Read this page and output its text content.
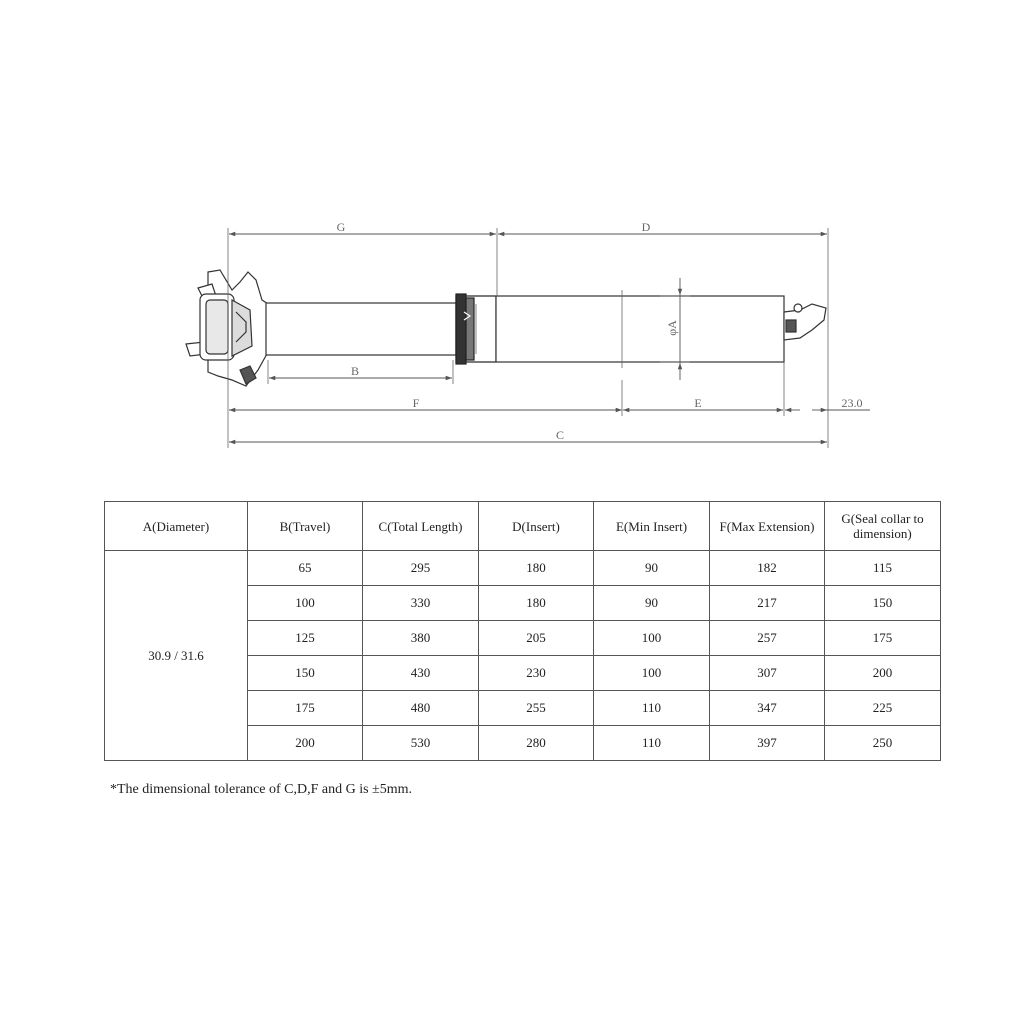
G	D
B
F	E
C
23.0
φA
A(Diameter)	B(Travel)	C(Total Length)	D(Insert)	E(Min Insert)	F(Max Extension)	G(Seal collar to dimension)
30.9 / 31.6	65	295	180	90	182	115
	100	330	180	90	217	150
	125	380	205	100	257	175
	150	430	230	100	307	200
	175	480	255	110	347	225
	200	530	280	110	397	250
*The dimensional tolerance of C,D,F and G is ±5mm.
